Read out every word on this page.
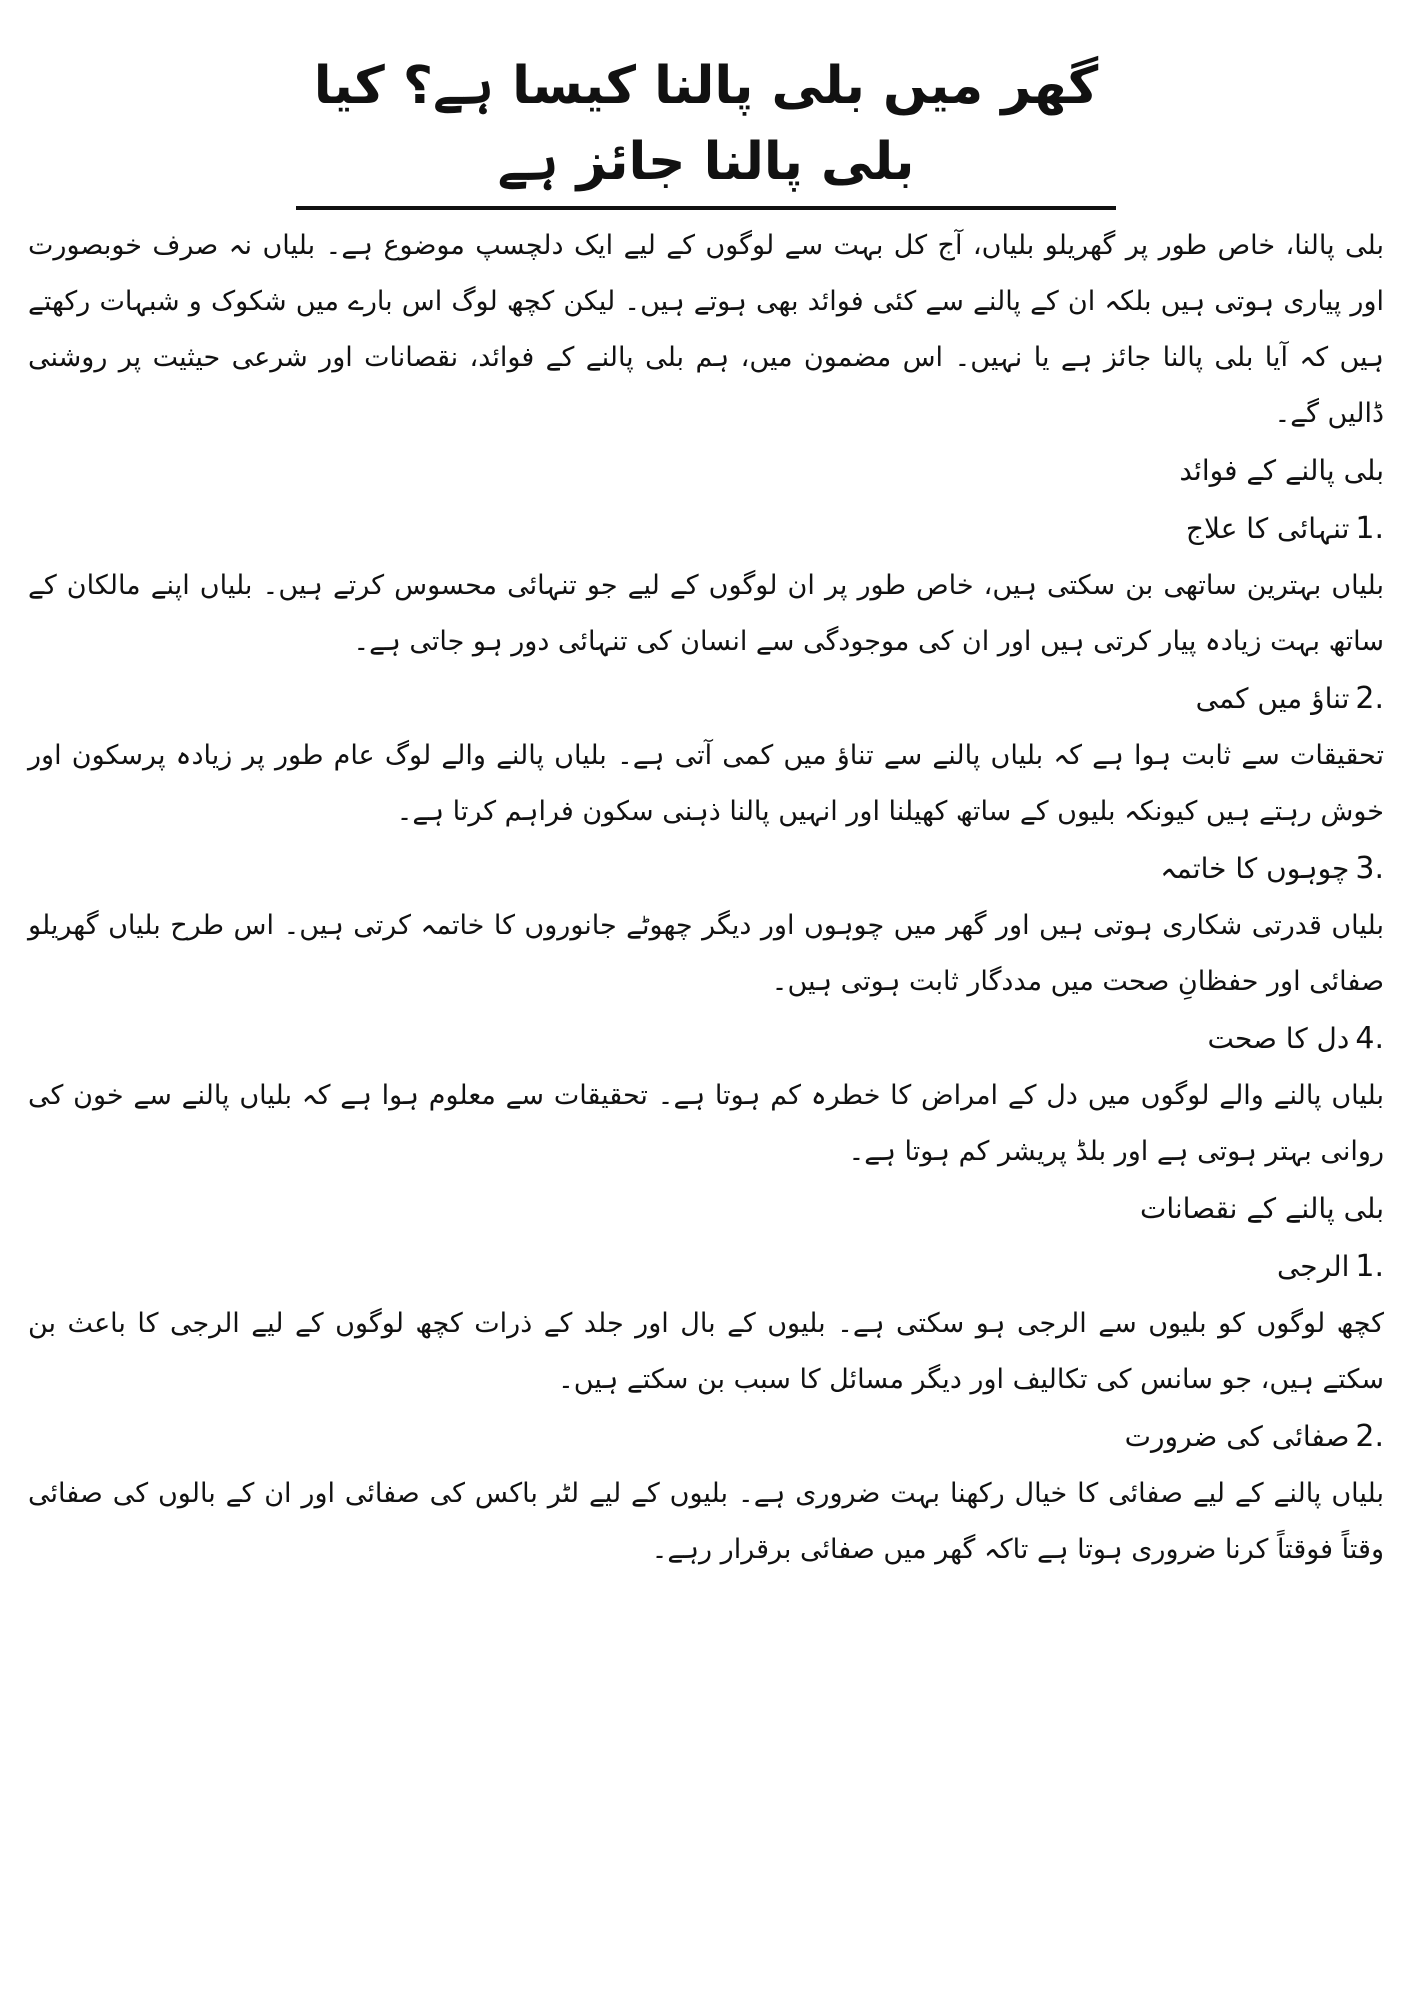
گھر میں بلی پالنا کیسا ہے؟ کیا بلی پالنا جائز ہے

بلی پالنا، خاص طور پر گھریلو بلیاں، آج کل بہت سے لوگوں کے لیے ایک دلچسپ موضوع ہے۔ بلیاں نہ صرف خوبصورت اور پیاری ہوتی ہیں بلکہ ان کے پالنے سے کئی فوائد بھی ہوتے ہیں۔ لیکن کچھ لوگ اس بارے میں شکوک و شبہات رکھتے ہیں کہ آیا بلی پالنا جائز ہے یا نہیں۔ اس مضمون میں، ہم بلی پالنے کے فوائد، نقصانات اور شرعی حیثیت پر روشنی ڈالیں گے۔

بلی پالنے کے فوائد

1.تنہائی کا علاج

بلیاں بہترین ساتھی بن سکتی ہیں، خاص طور پر ان لوگوں کے لیے جو تنہائی محسوس کرتے ہیں۔ بلیاں اپنے مالکان کے ساتھ بہت زیادہ پیار کرتی ہیں اور ان کی موجودگی سے انسان کی تنہائی دور ہو جاتی ہے۔

2.تناؤ میں کمی

تحقیقات سے ثابت ہوا ہے کہ بلیاں پالنے سے تناؤ میں کمی آتی ہے۔ بلیاں پالنے والے لوگ عام طور پر زیادہ پرسکون اور خوش رہتے ہیں کیونکہ بلیوں کے ساتھ کھیلنا اور انہیں پالنا ذہنی سکون فراہم کرتا ہے۔

3.چوہوں کا خاتمہ

بلیاں قدرتی شکاری ہوتی ہیں اور گھر میں چوہوں اور دیگر چھوٹے جانوروں کا خاتمہ کرتی ہیں۔ اس طرح بلیاں گھریلو صفائی اور حفظانِ صحت میں مددگار ثابت ہوتی ہیں۔

4.دل کا صحت

بلیاں پالنے والے لوگوں میں دل کے امراض کا خطرہ کم ہوتا ہے۔ تحقیقات سے معلوم ہوا ہے کہ بلیاں پالنے سے خون کی روانی بہتر ہوتی ہے اور بلڈ پریشر کم ہوتا ہے۔

بلی پالنے کے نقصانات

1.الرجی

کچھ لوگوں کو بلیوں سے الرجی ہو سکتی ہے۔ بلیوں کے بال اور جلد کے ذرات کچھ لوگوں کے لیے الرجی کا باعث بن سکتے ہیں، جو سانس کی تکالیف اور دیگر مسائل کا سبب بن سکتے ہیں۔

2.صفائی کی ضرورت

بلیاں پالنے کے لیے صفائی کا خیال رکھنا بہت ضروری ہے۔ بلیوں کے لیے لٹر باکس کی صفائی اور ان کے بالوں کی صفائی وقتاً فوقتاً کرنا ضروری ہوتا ہے تاکہ گھر میں صفائی برقرار رہے۔
